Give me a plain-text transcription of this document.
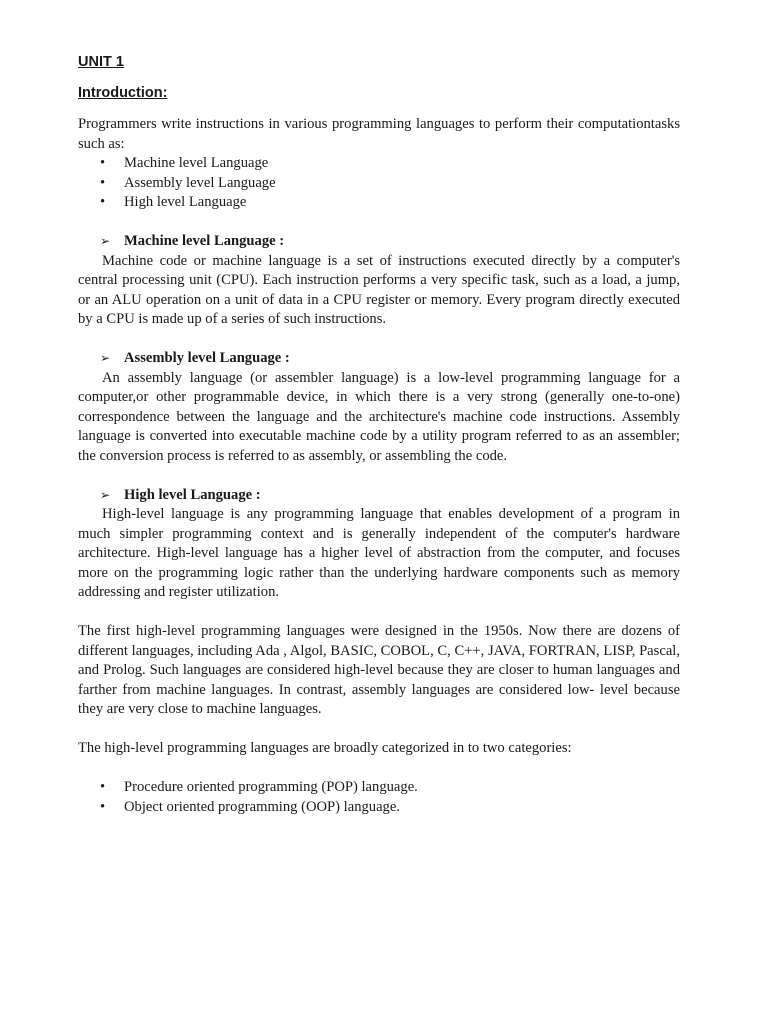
UNIT 1
Introduction:

Programmers write instructions in various programming languages to perform their computationtasks such as:

• Machine level Language
• Assembly level Language
• High level Language
➢ Machine level Language :

Machine code or machine language is a set of instructions executed directly by a computer's central processing unit (CPU). Each instruction performs a very specific task, such as a load, a jump, or an ALU operation on a unit of data in a CPU register or memory. Every program directly executed by a CPU is made up of a series of such instructions.

➢ Assembly level Language :

An assembly language (or assembler language) is a low-level programming language for a computer,or other programmable device, in which there is a very strong (generally one-to-one) correspondence between the language and the architecture's machine code instructions. Assembly language is converted into executable machine code by a utility program referred to as an assembler; the conversion process is referred to as assembly, or assembling the code.

➢ High level Language :

High-level language is any programming language that enables development of a program in much simpler programming context and is generally independent of the computer's hardware architecture. High-level language has a higher level of abstraction from the computer, and focuses more on the programming logic rather than the underlying hardware components such as memory addressing and register utilization.

The first high-level programming languages were designed in the 1950s. Now there are dozens of different languages, including Ada , Algol, BASIC, COBOL, C, C++, JAVA, FORTRAN, LISP, Pascal, and Prolog. Such languages are considered high-level because they are closer to human languages and farther from machine languages. In contrast, assembly languages are considered low- level because they are very close to machine languages.

The high-level programming languages are broadly categorized in to two categories:

• Procedure oriented programming (POP) language.
• Object oriented programming (OOP) language.
